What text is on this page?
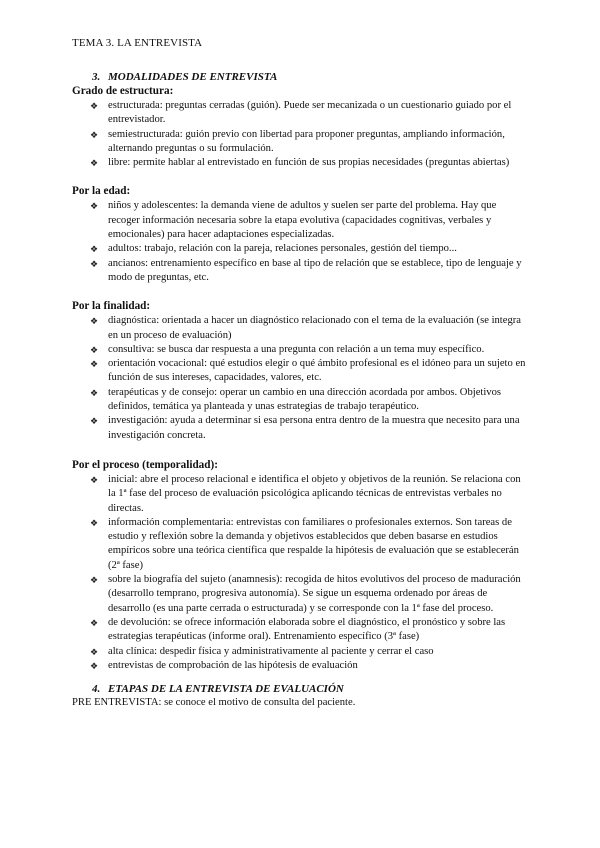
TEMA 3. LA ENTREVISTA
3. MODALIDADES DE ENTREVISTA
Grado de estructura:
❖ estructurada: preguntas cerradas (guión). Puede ser mecanizada o un cuestionario guiado por el entrevistador.
❖ semiestructurada: guión previo con libertad para proponer preguntas, ampliando información, alternando preguntas o su formulación.
❖ libre: permite hablar al entrevistado en función de sus propias necesidades (preguntas abiertas)
Por la edad:
❖ niños y adolescentes: la demanda viene de adultos y suelen ser parte del problema. Hay que recoger información necesaria sobre la etapa evolutiva (capacidades cognitivas, verbales y emocionales) para hacer adaptaciones especializadas.
❖ adultos: trabajo, relación con la pareja, relaciones personales, gestión del tiempo...
❖ ancianos: entrenamiento específico en base al tipo de relación que se establece, tipo de lenguaje y modo de preguntas, etc.
Por la finalidad:
❖ diagnóstica: orientada a hacer un diagnóstico relacionado con el tema de la evaluación (se integra en un proceso de evaluación)
❖ consultiva: se busca dar respuesta a una pregunta con relación a un tema muy específico.
❖ orientación vocacional: qué estudios elegir o qué ámbito profesional es el idóneo para un sujeto en función de sus intereses, capacidades, valores, etc.
❖ terapéuticas y de consejo: operar un cambio en una dirección acordada por ambos. Objetivos definidos, temática ya planteada y unas estrategias de trabajo terapéutico.
❖ investigación: ayuda a determinar si esa persona entra dentro de la muestra que necesito para una investigación concreta.
Por el proceso (temporalidad):
❖ inicial: abre el proceso relacional e identifica el objeto y objetivos de la reunión. Se relaciona con la 1ª fase del proceso de evaluación psicológica aplicando técnicas de entrevistas verbales no directas.
❖ información complementaria: entrevistas con familiares o profesionales externos. Son tareas de estudio y reflexión sobre la demanda y objetivos establecidos que deben basarse en estudios empíricos sobre una teórica científica que respalde la hipótesis de evaluación que se establecerán (2ª fase)
❖ sobre la biografía del sujeto (anamnesis): recogida de hitos evolutivos del proceso de maduración (desarrollo temprano, progresiva autonomía). Se sigue un esquema ordenado por áreas de desarrollo (es una parte cerrada o estructurada) y se corresponde con la 1ª fase del proceso.
❖ de devolución: se ofrece información elaborada sobre el diagnóstico, el pronóstico y sobre las estrategias terapéuticas (informe oral). Entrenamiento específico (3ª fase)
❖ alta clínica: despedir física y administrativamente al paciente y cerrar el caso
❖ entrevistas de comprobación de las hipótesis de evaluación
4. ETAPAS DE LA ENTREVISTA DE EVALUACIÓN
PRE ENTREVISTA: se conoce el motivo de consulta del paciente.
